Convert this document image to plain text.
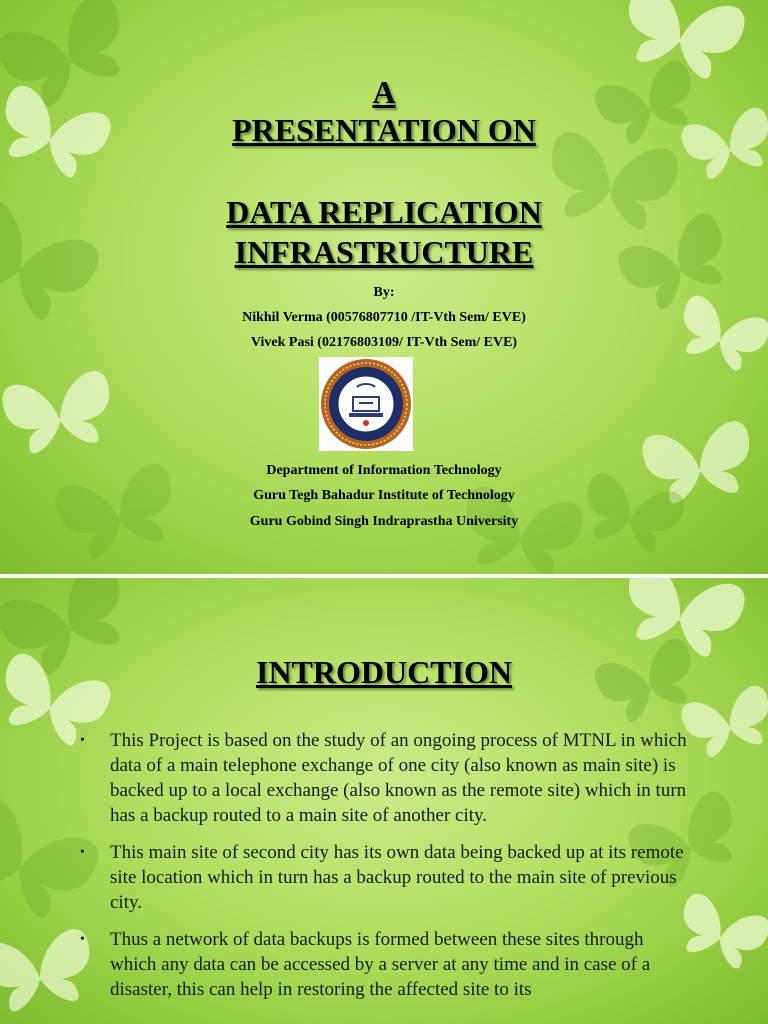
A
PRESENTATION ON
DATA REPLICATION
INFRASTRUCTURE
By:
Nikhil Verma (00576807710 /IT-Vth Sem/ EVE)
Vivek Pasi (02176803109/ IT-Vth Sem/ EVE)
Department of Information Technology
Guru Tegh Bahadur Institute of Technology
Guru Gobind Singh Indraprastha University
INTRODUCTION
• This Project is based on the study of an ongoing process of MTNL in which data of a main telephone exchange of one city (also known as main site) is backed up to a local exchange (also known as the remote site) which in turn has a backup routed to a main site of another city.
• This main site of second city has its own data being backed up at its remote site location which in turn has a backup routed to the main site of previous city.
• Thus a network of data backups is formed between these sites through which any data can be accessed by a server at any time and in case of a disaster, this can help in restoring the affected site to its
